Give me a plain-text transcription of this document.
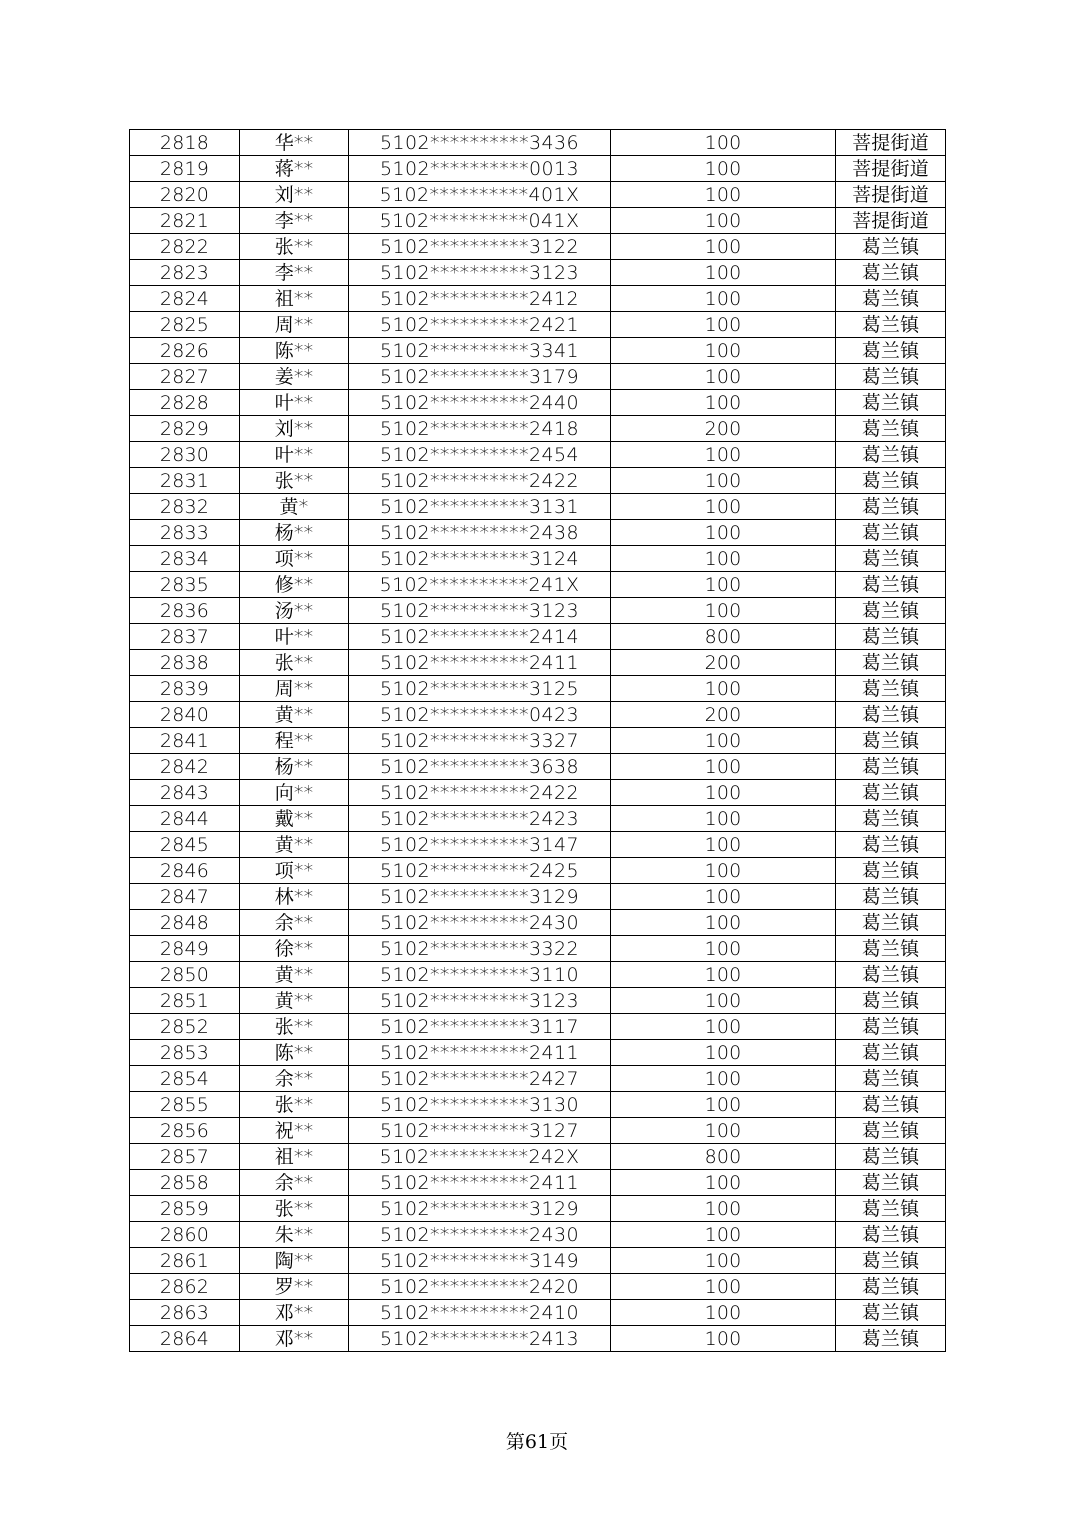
2818	华**	5102**********3436	100	菩提街道
2819	蒋**	5102**********0013	100	菩提街道
2820	刘**	5102**********401X	100	菩提街道
2821	李**	5102**********041X	100	菩提街道
2822	张**	5102**********3122	100	葛兰镇
2823	李**	5102**********3123	100	葛兰镇
2824	祖**	5102**********2412	100	葛兰镇
2825	周**	5102**********2421	100	葛兰镇
2826	陈**	5102**********3341	100	葛兰镇
2827	姜**	5102**********3179	100	葛兰镇
2828	叶**	5102**********2440	100	葛兰镇
2829	刘**	5102**********2418	200	葛兰镇
2830	叶**	5102**********2454	100	葛兰镇
2831	张**	5102**********2422	100	葛兰镇
2832	黄*	5102**********3131	100	葛兰镇
2833	杨**	5102**********2438	100	葛兰镇
2834	项**	5102**********3124	100	葛兰镇
2835	修**	5102**********241X	100	葛兰镇
2836	汤**	5102**********3123	100	葛兰镇
2837	叶**	5102**********2414	800	葛兰镇
2838	张**	5102**********2411	200	葛兰镇
2839	周**	5102**********3125	100	葛兰镇
2840	黄**	5102**********0423	200	葛兰镇
2841	程**	5102**********3327	100	葛兰镇
2842	杨**	5102**********3638	100	葛兰镇
2843	向**	5102**********2422	100	葛兰镇
2844	戴**	5102**********2423	100	葛兰镇
2845	黄**	5102**********3147	100	葛兰镇
2846	项**	5102**********2425	100	葛兰镇
2847	林**	5102**********3129	100	葛兰镇
2848	余**	5102**********2430	100	葛兰镇
2849	徐**	5102**********3322	100	葛兰镇
2850	黄**	5102**********3110	100	葛兰镇
2851	黄**	5102**********3123	100	葛兰镇
2852	张**	5102**********3117	100	葛兰镇
2853	陈**	5102**********2411	100	葛兰镇
2854	余**	5102**********2427	100	葛兰镇
2855	张**	5102**********3130	100	葛兰镇
2856	祝**	5102**********3127	100	葛兰镇
2857	祖**	5102**********242X	800	葛兰镇
2858	余**	5102**********2411	100	葛兰镇
2859	张**	5102**********3129	100	葛兰镇
2860	朱**	5102**********2430	100	葛兰镇
2861	陶**	5102**********3149	100	葛兰镇
2862	罗**	5102**********2420	100	葛兰镇
2863	邓**	5102**********2410	100	葛兰镇
2864	邓**	5102**********2413	100	葛兰镇
第61页
